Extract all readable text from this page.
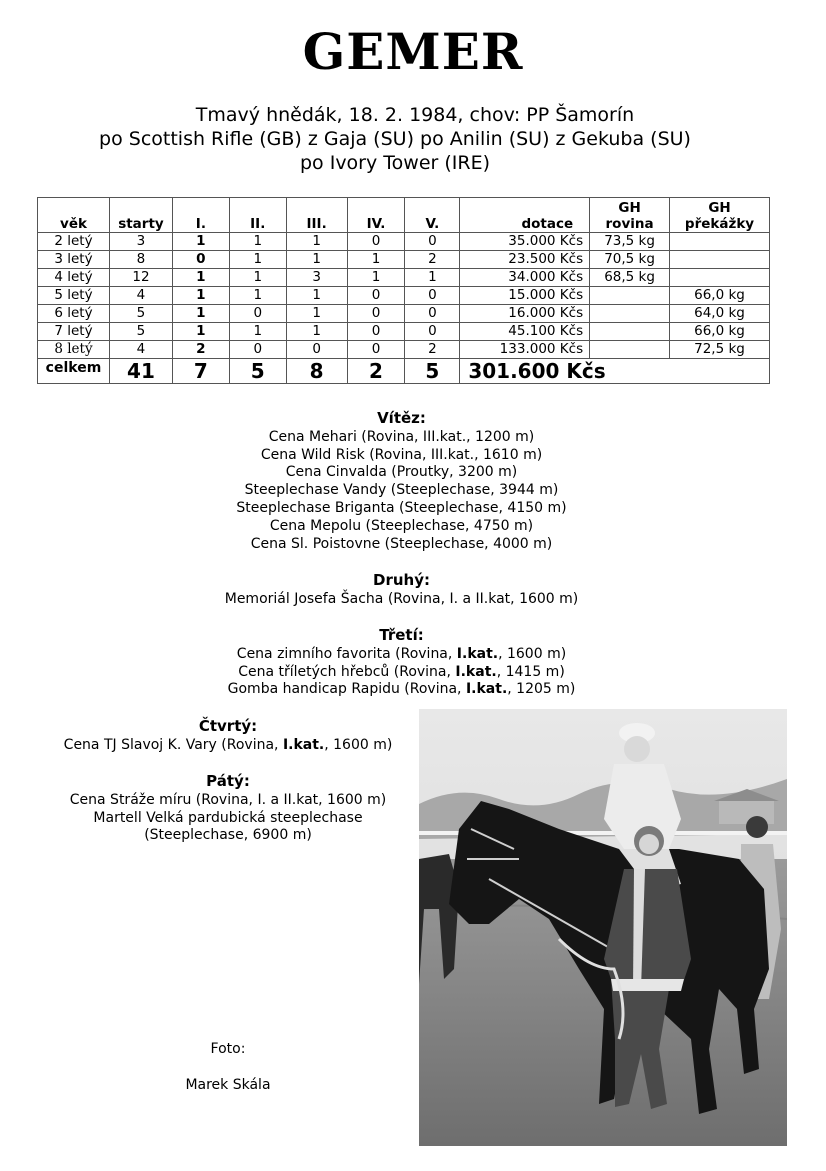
GEMER
Tmavý hnědák, 18. 2. 1984, chov: PP Šamorín
po Scottish Rifle (GB) z Gaja (SU) po Anilin (SU) z Gekuba (SU)
po Ivory Tower (IRE)
věk	starty	I.	II.	III.	IV.	V.	dotace	GH rovina	GH překážky
2 letý	3	1	1	1	0	0	35.000 Kčs	73,5 kg	
3 letý	8	0	1	1	1	2	23.500 Kčs	70,5 kg	
4 letý	12	1	1	3	1	1	34.000 Kčs	68,5 kg	
5 letý	4	1	1	1	0	0	15.000 Kčs		66,0 kg
6 letý	5	1	0	1	0	0	16.000 Kčs		64,0 kg
7 letý	5	1	1	1	0	0	45.100 Kčs		66,0 kg
8 letý	4	2	0	0	0	2	133.000 Kčs		72,5 kg
celkem	41	7	5	8	2	5	301.600 Kčs		
Vítěz:
Cena Mehari (Rovina, III.kat., 1200 m)
Cena Wild Risk (Rovina, III.kat., 1610 m)
Cena Cinvalda (Proutky, 3200 m)
Steeplechase Vandy (Steeplechase, 3944 m)
Steeplechase Briganta (Steeplechase, 4150 m)
Cena Mepolu (Steeplechase, 4750 m)
Cena Sl. Poistovne (Steeplechase, 4000 m)
Druhý:
Memoriál Josefa Šacha (Rovina, I. a II.kat, 1600 m)
Třetí:
Cena zimního favorita (Rovina, I.kat., 1600 m)
Cena tříletých hřebců (Rovina, I.kat., 1415 m)
Gomba handicap Rapidu (Rovina, I.kat., 1205 m)
Čtvrtý:
Cena TJ Slavoj K. Vary (Rovina, I.kat., 1600 m)
Pátý:
Cena Stráže míru (Rovina, I. a II.kat, 1600 m)
Martell Velká pardubická steeplechase
(Steeplechase, 6900 m)
Foto:
Marek Skála
